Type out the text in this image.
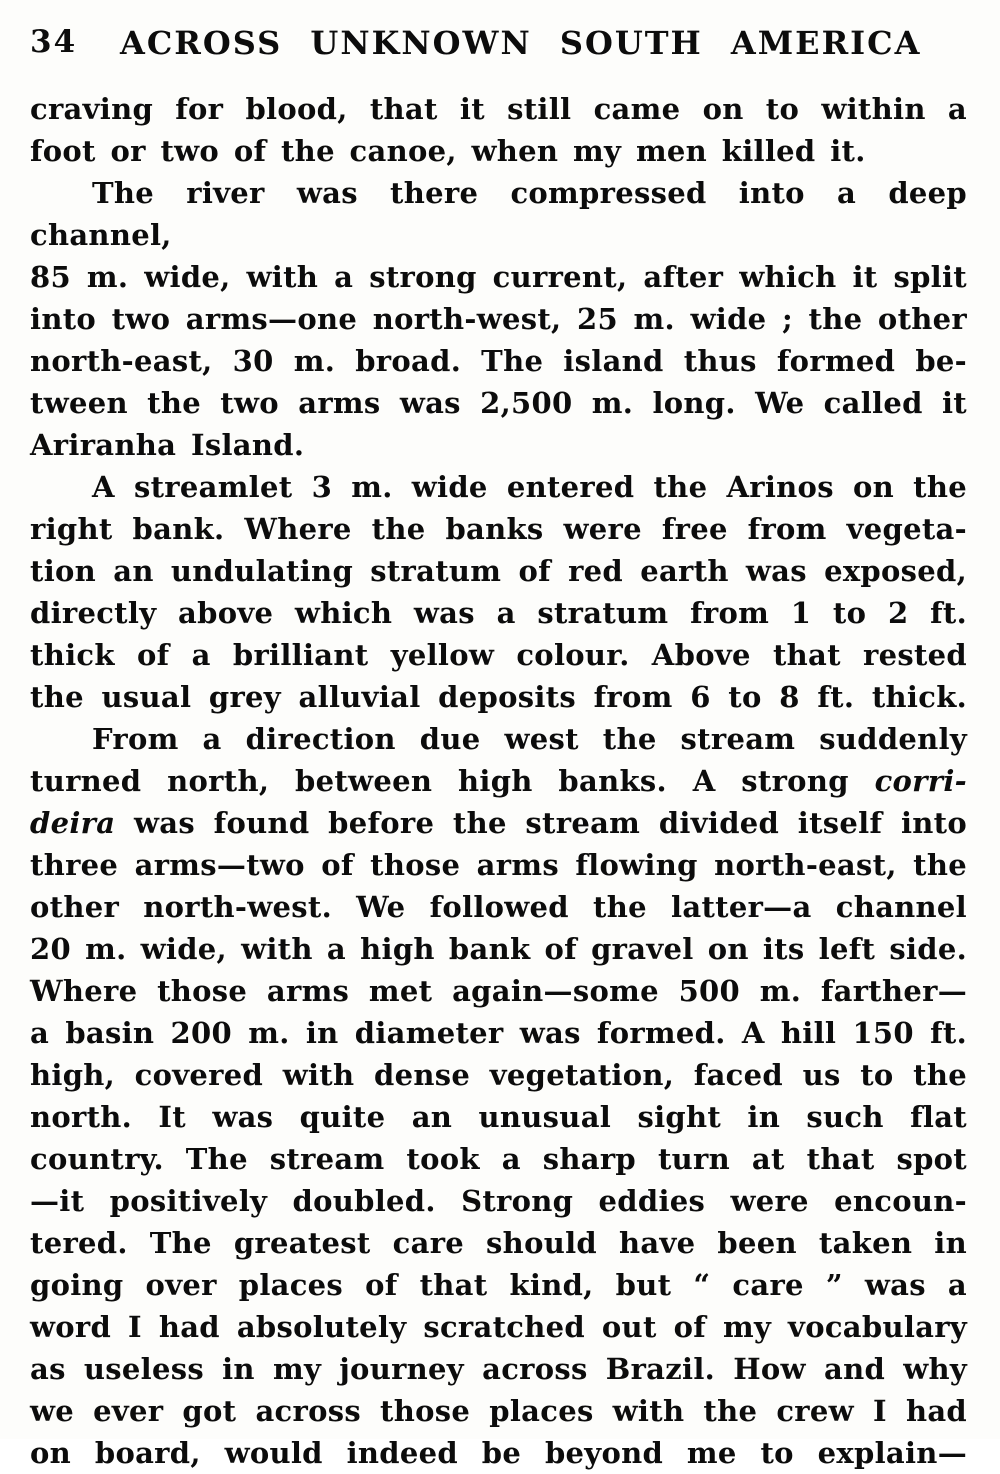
34 ACROSS UNKNOWN SOUTH AMERICA
craving for blood, that it still came on to within a
foot or two of the canoe, when my men killed it.
The river was there compressed into a deep channel,
85 m. wide, with a strong current, after which it split
into two arms—one north-west, 25 m. wide ; the other
north-east, 30 m. broad. The island thus formed be-
tween the two arms was 2,500 m. long. We called it
Ariranha Island.
A streamlet 3 m. wide entered the Arinos on the
right bank. Where the banks were free from vegeta-
tion an undulating stratum of red earth was exposed,
directly above which was a stratum from 1 to 2 ft.
thick of a brilliant yellow colour. Above that rested
the usual grey alluvial deposits from 6 to 8 ft. thick.
From a direction due west the stream suddenly
turned north, between high banks. A strong corri-
deira was found before the stream divided itself into
three arms—two of those arms flowing north-east, the
other north-west. We followed the latter—a channel
20 m. wide, with a high bank of gravel on its left side.
Where those arms met again—some 500 m. farther—
a basin 200 m. in diameter was formed. A hill 150 ft.
high, covered with dense vegetation, faced us to the
north. It was quite an unusual sight in such flat
country. The stream took a sharp turn at that spot
—it positively doubled. Strong eddies were encoun-
tered. The greatest care should have been taken in
going over places of that kind, but “ care ” was a
word I had absolutely scratched out of my vocabulary
as useless in my journey across Brazil. How and why
we ever got across those places with the crew I had
on board, would indeed be beyond me to explain—
